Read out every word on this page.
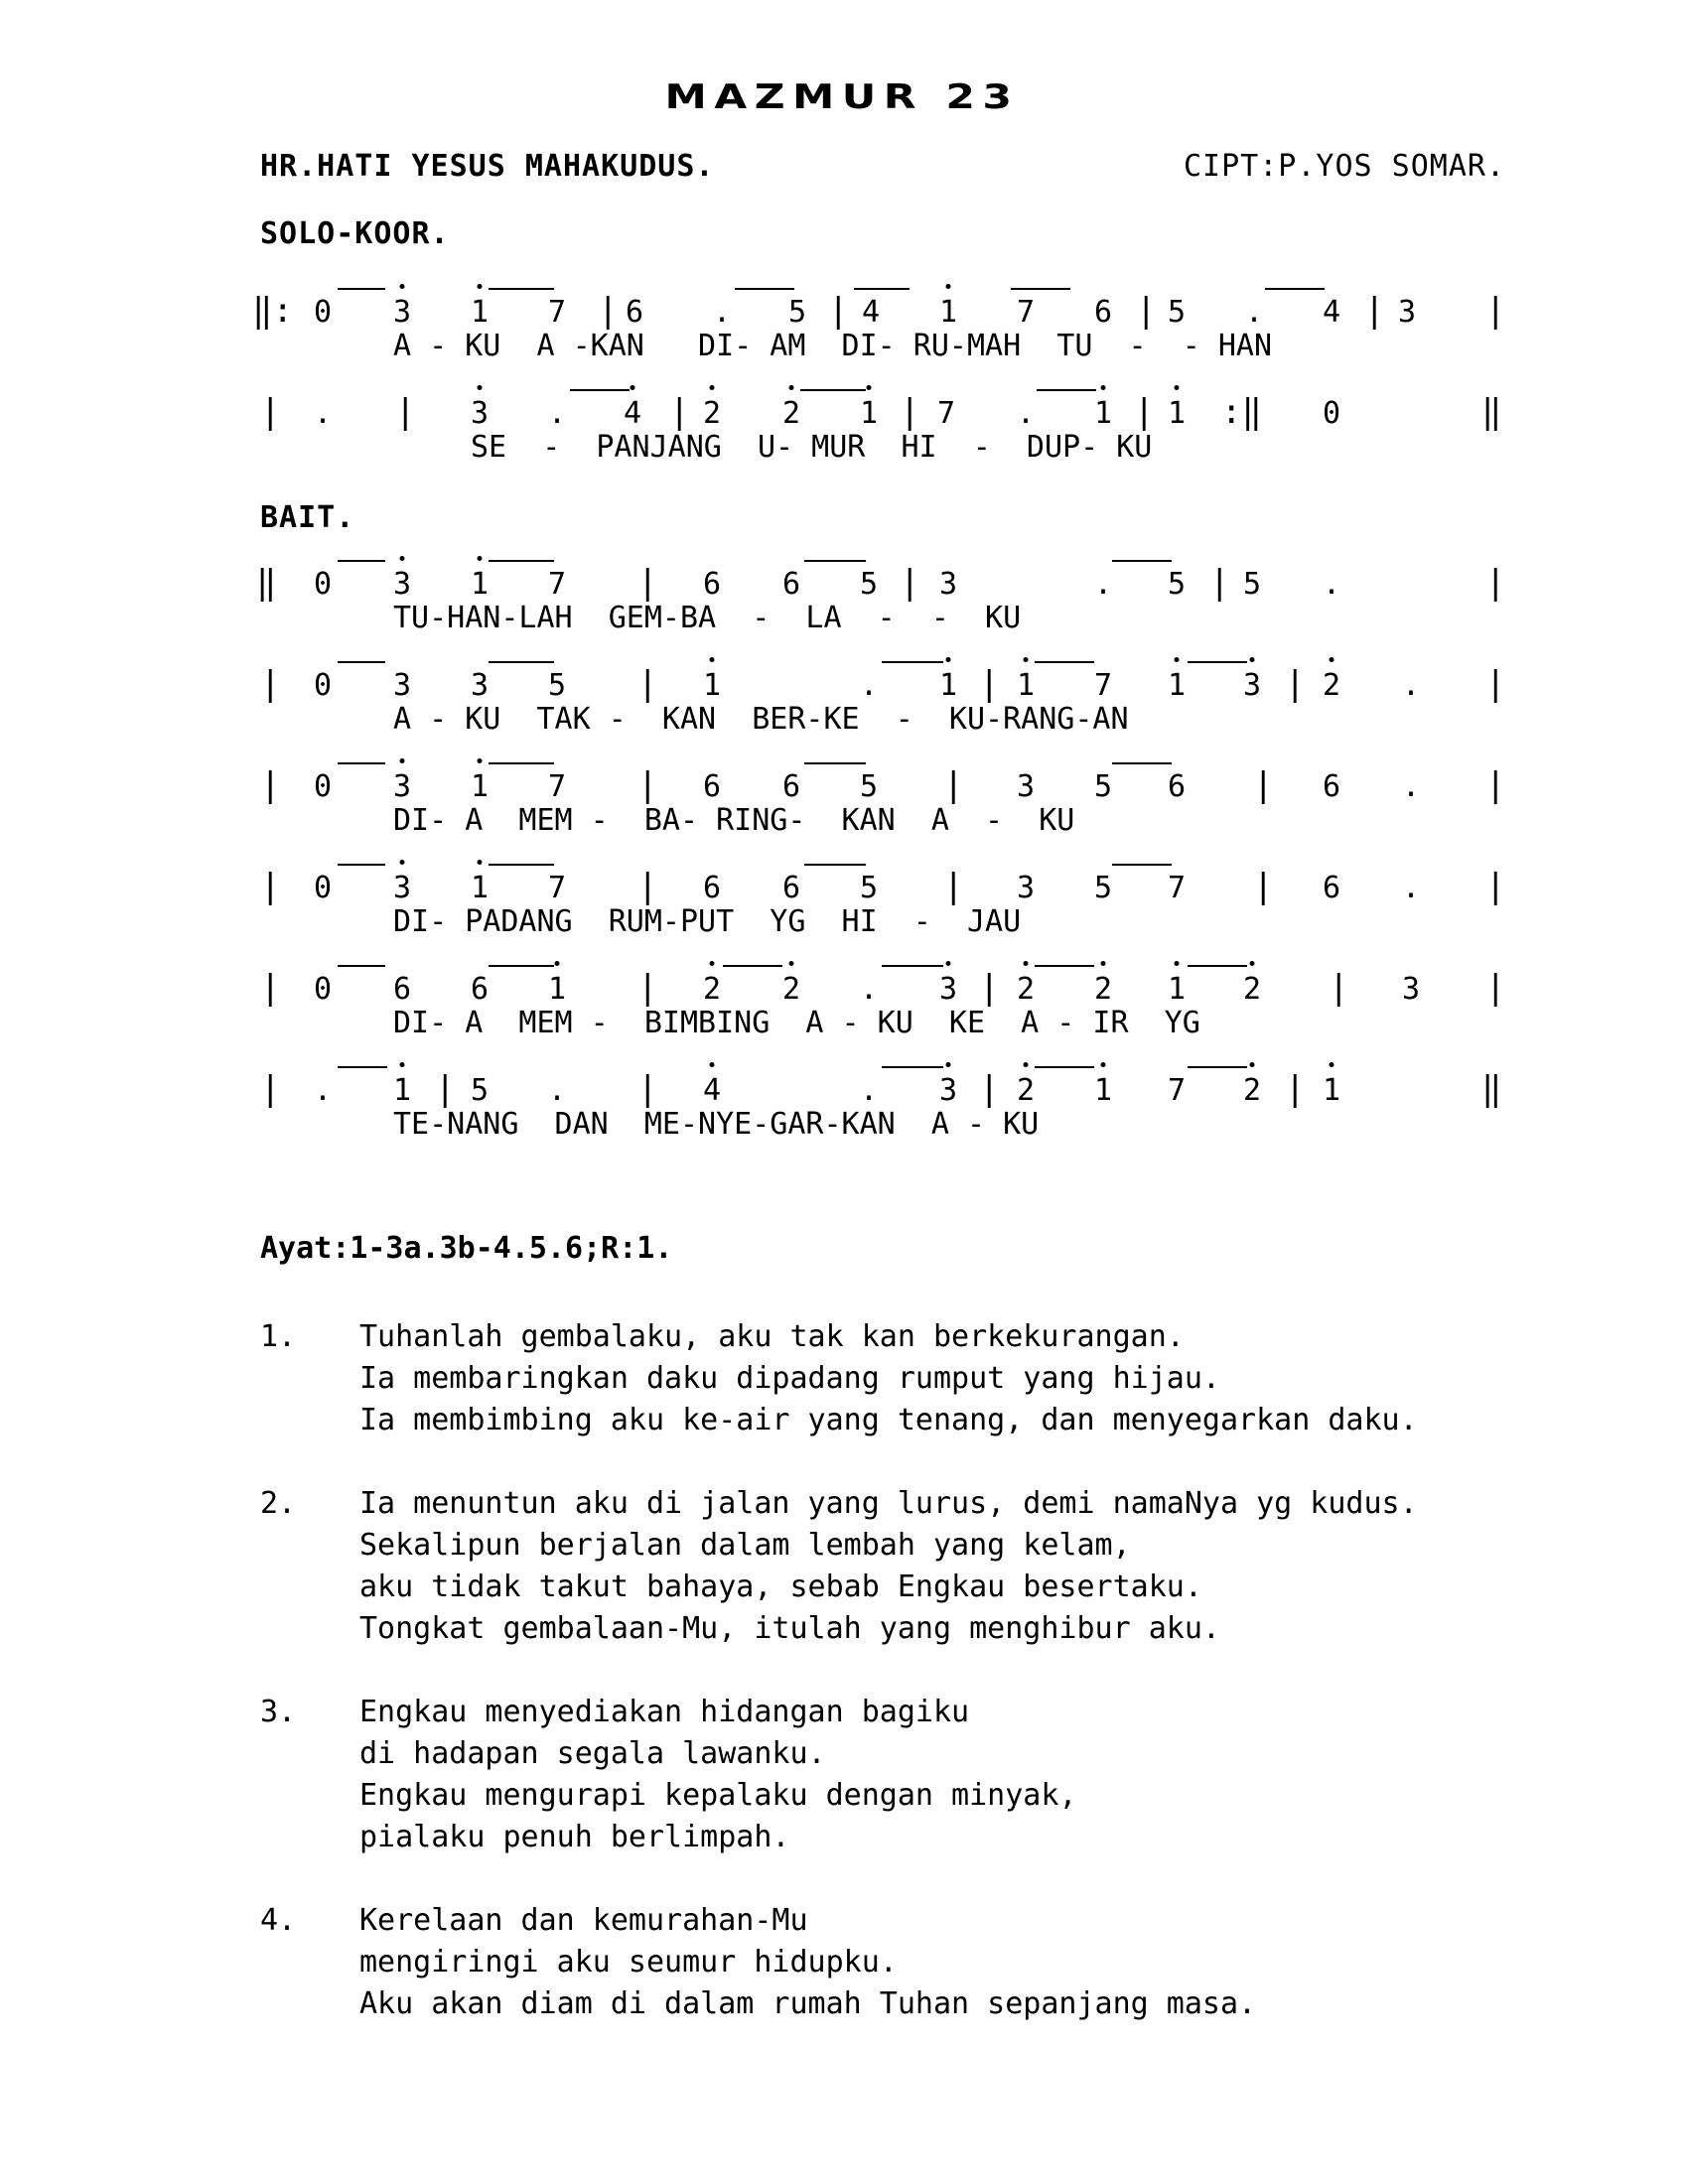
MAZMUR 23
HR.HATI YESUS MAHAKUDUS.	CIPT:P.YOS SOMAR.
SOLO-KOOR.
‖: 0 3 1 7 | 6 . 5 | 4 1 7 6 | 5 . 4 | 3 |
A - KU  A -KAN   DI- AM  DI- RU-MAH  TU  -  - HAN
| . | 3 . 4 | 2 2 1 | 7 . 1 | 1 :‖ 0	‖
SE  -  PANJANG  U- MUR  HI  -  DUP- KU
BAIT.
‖ 0 3 1 7 | 6 6 5 | 3	. 5 | 5 .	|
TU-HAN-LAH  GEM-BA  -  LA  -  -  KU
| 0 3 3 5 | 1	. 1 | 1 7 1 3 | 2 . |
A - KU  TAK -  KAN  BER-KE  -  KU-RANG-AN
| 0 3 1 7 | 6 6 5 | 3 5 6 | 6 . |
DI- A  MEM -  BA- RING-  KAN  A  -  KU
| 0 3 1 7 | 6 6 5 | 3 5 7 | 6 . |
DI- PADANG  RUM-PUT  YG  HI  -  JAU
| 0 6 6 1 | 2 2 . 3 | 2 2 1 2 | 3 |
DI- A  MEM -  BIMBING  A - KU  KE  A - IR  YG
| . 1 | 5 . | 4	. 3 | 2 1 7 2 | 1	‖
TE-NANG  DAN  ME-NYE-GAR-KAN  A - KU
Ayat:1-3a.3b-4.5.6;R:1.
1. Tuhanlah gembalaku, aku tak kan berkekurangan.
Ia membaringkan daku dipadang rumput yang hijau.
Ia membimbing aku ke-air yang tenang, dan menyegarkan daku.
2. Ia menuntun aku di jalan yang lurus, demi namaNya yg kudus.
Sekalipun berjalan dalam lembah yang kelam,
aku tidak takut bahaya, sebab Engkau besertaku.
Tongkat gembalaan-Mu, itulah yang menghibur aku.
3. Engkau menyediakan hidangan bagiku
di hadapan segala lawanku.
Engkau mengurapi kepalaku dengan minyak,
pialaku penuh berlimpah.
4. Kerelaan dan kemurahan-Mu
mengiringi aku seumur hidupku.
Aku akan diam di dalam rumah Tuhan sepanjang masa.
